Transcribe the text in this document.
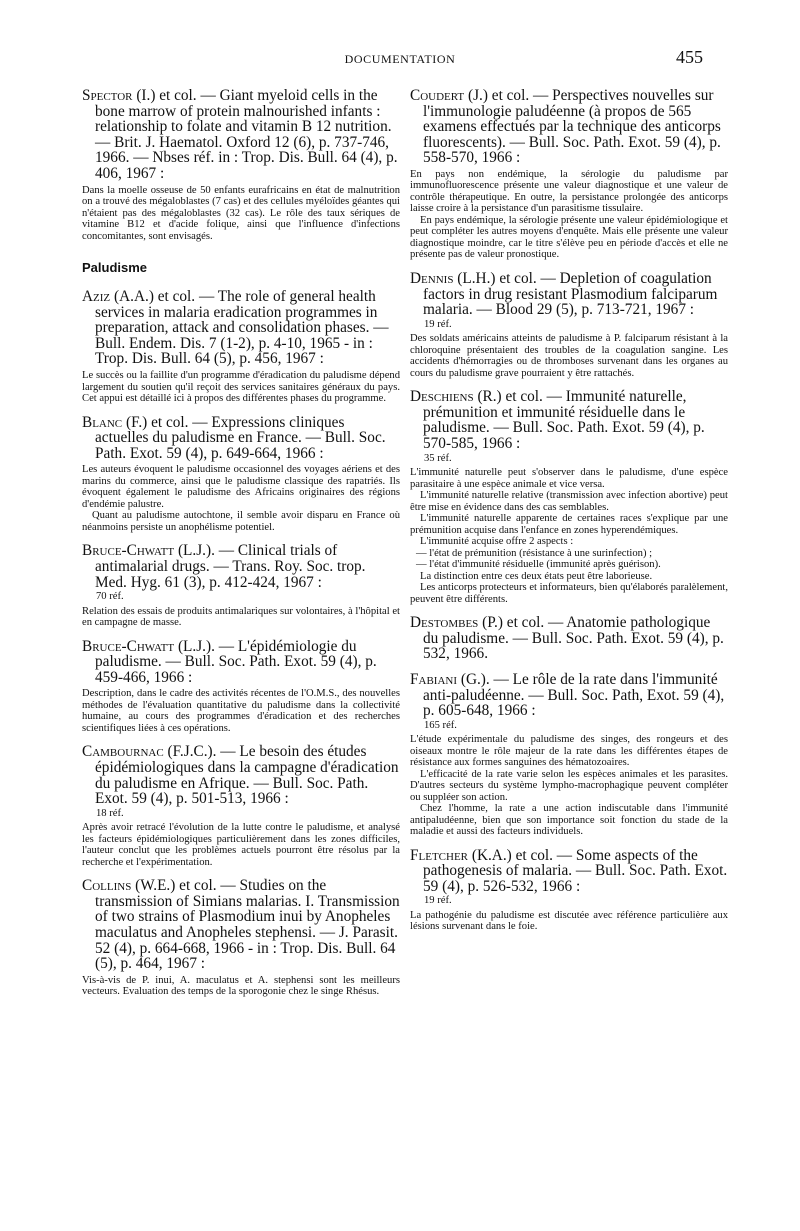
DOCUMENTATION	455
Spector (I.) et col. — Giant myeloid cells in the bone marrow of protein malnourished infants : relationship to folate and vitamin B 12 nutrition. — Brit. J. Haematol. Oxford 12 (6), p. 737-746, 1966. — Nbses réf. in : Trop. Dis. Bull. 64 (4), p. 406, 1967 :

Dans la moelle osseuse de 50 enfants eurafricains en état de malnutrition on a trouvé des mégaloblastes (7 cas) et des cellules myéloïdes géantes qui n'étaient pas des mégaloblastes (32 cas). Le rôle des taux sériques de vitamine B12 et d'acide folique, ainsi que l'influence d'infections concomitantes, sont envisagés.

Paludisme
Aziz (A.A.) et col. — The role of general health services in malaria eradication programmes in preparation, attack and consolidation phases. — Bull. Endem. Dis. 7 (1-2), p. 4-10, 1965 - in : Trop. Dis. Bull. 64 (5), p. 456, 1967 :

Le succès ou la faillite d'un programme d'éradication du paludisme dépend largement du soutien qu'il reçoit des services sanitaires généraux du pays. Cet appui est détaillé ici à propos des différentes phases du programme.

Blanc (F.) et col. — Expressions cliniques actuelles du paludisme en France. — Bull. Soc. Path. Exot. 59 (4), p. 649-664, 1966 :

Les auteurs évoquent le paludisme occasionnel des voyages aériens et des marins du commerce, ainsi que le paludisme classique des rapatriés. Ils évoquent également le paludisme des Africains originaires des régions d'endémie palustre.

Quant au paludisme autochtone, il semble avoir disparu en France où néanmoins persiste un anophélisme potentiel.

Bruce-Chwatt (L.J.). — Clinical trials of antimalarial drugs. — Trans. Roy. Soc. trop. Med. Hyg. 61 (3), p. 412-424, 1967 :
70 réf.

Relation des essais de produits antimalariques sur volontaires, à l'hôpital et en campagne de masse.

Bruce-Chwatt (L.J.). — L'épidémiologie du paludisme. — Bull. Soc. Path. Exot. 59 (4), p. 459-466, 1966 :

Description, dans le cadre des activités récentes de l'O.M.S., des nouvelles méthodes de l'évaluation quantitative du paludisme dans la collectivité humaine, au cours des programmes d'éradication et des recherches scientifiques liées à ces opérations.

Cambournac (F.J.C.). — Le besoin des études épidémiologiques dans la campagne d'éradication du paludisme en Afrique. — Bull. Soc. Path. Exot. 59 (4), p. 501-513, 1966 :
18 réf.

Après avoir retracé l'évolution de la lutte contre le paludisme, et analysé les facteurs épidémiologiques particulièrement dans les zones difficiles, l'auteur conclut que les problèmes actuels pourront être résolus par la recherche et l'expérimentation.

Collins (W.E.) et col. — Studies on the transmission of Simians malarias. I. Transmission of two strains of Plasmodium inui by Anopheles maculatus and Anopheles stephensi. — J. Parasit. 52 (4), p. 664-668, 1966 - in : Trop. Dis. Bull. 64 (5), p. 464, 1967 :

Vis-à-vis de P. inui, A. maculatus et A. stephensi sont les meilleurs vecteurs. Evaluation des temps de la sporogonie chez le singe Rhésus.

Coudert (J.) et col. — Perspectives nouvelles sur l'immunologie paludéenne (à propos de 565 examens effectués par la technique des anticorps fluorescents). — Bull. Soc. Path. Exot. 59 (4), p. 558-570, 1966 :

En pays non endémique, la sérologie du paludisme par immunofluorescence présente une valeur diagnostique et une valeur de contrôle thérapeutique. En outre, la persistance prolongée des anticorps laisse croire à la persistance d'un parasitisme tissulaire.

En pays endémique, la sérologie présente une valeur épidémiologique et peut compléter les autres moyens d'enquête. Mais elle présente une valeur diagnostique moindre, car le titre s'élève peu en période d'accès et elle ne présente pas de valeur pronostique.

Dennis (L.H.) et col. — Depletion of coagulation factors in drug resistant Plasmodium falciparum malaria. — Blood 29 (5), p. 713-721, 1967 :
19 réf.

Des soldats américains atteints de paludisme à P. falciparum résistant à la chloroquine présentaient des troubles de la coagulation sangine. Les accidents d'hémorragies ou de thromboses survenant dans les organes au cours du paludisme grave pourraient y être rattachés.

Deschiens (R.) et col. — Immunité naturelle, prémunition et immunité résiduelle dans le paludisme. — Bull. Soc. Path. Exot. 59 (4), p. 570-585, 1966 :
35 réf.

L'immunité naturelle peut s'observer dans le paludisme, d'une espèce parasitaire à une espèce animale et vice versa.

L'immunité naturelle relative (transmission avec infection abortive) peut être mise en évidence dans des cas semblables.

L'immunité naturelle apparente de certaines races s'explique par une prémunition acquise dans l'enfance en zones hyperendémiques.

L'immunité acquise offre 2 aspects :

— l'état de prémunition (résistance à une surinfection) ;

— l'état d'immunité résiduelle (immunité après guérison).

La distinction entre ces deux états peut être laborieuse.

Les anticorps protecteurs et informateurs, bien qu'élaborés paralèlement, peuvent être différents.

Destombes (P.) et col. — Anatomie pathologique du paludisme. — Bull. Soc. Path. Exot. 59 (4), p. 532, 1966.
Fabiani (G.). — Le rôle de la rate dans l'immunité anti-paludéenne. — Bull. Soc. Path, Exot. 59 (4), p. 605-648, 1966 :
165 réf.

L'étude expérimentale du paludisme des singes, des rongeurs et des oiseaux montre le rôle majeur de la rate dans les différentes étapes de résistance aux formes sanguines des hématozoaires.

L'efficacité de la rate varie selon les espèces animales et les parasites. D'autres secteurs du système lympho-macrophagique peuvent compléter ou suppléer son action.

Chez l'homme, la rate a une action indiscutable dans l'immunité antipaludéenne, bien que son importance soit fonction du stade de la maladie et aussi des facteurs individuels.

Fletcher (K.A.) et col. — Some aspects of the pathogenesis of malaria. — Bull. Soc. Path. Exot. 59 (4), p. 526-532, 1966 :
19 réf.

La pathogénie du paludisme est discutée avec référence particulière aux lésions survenant dans le foie.
